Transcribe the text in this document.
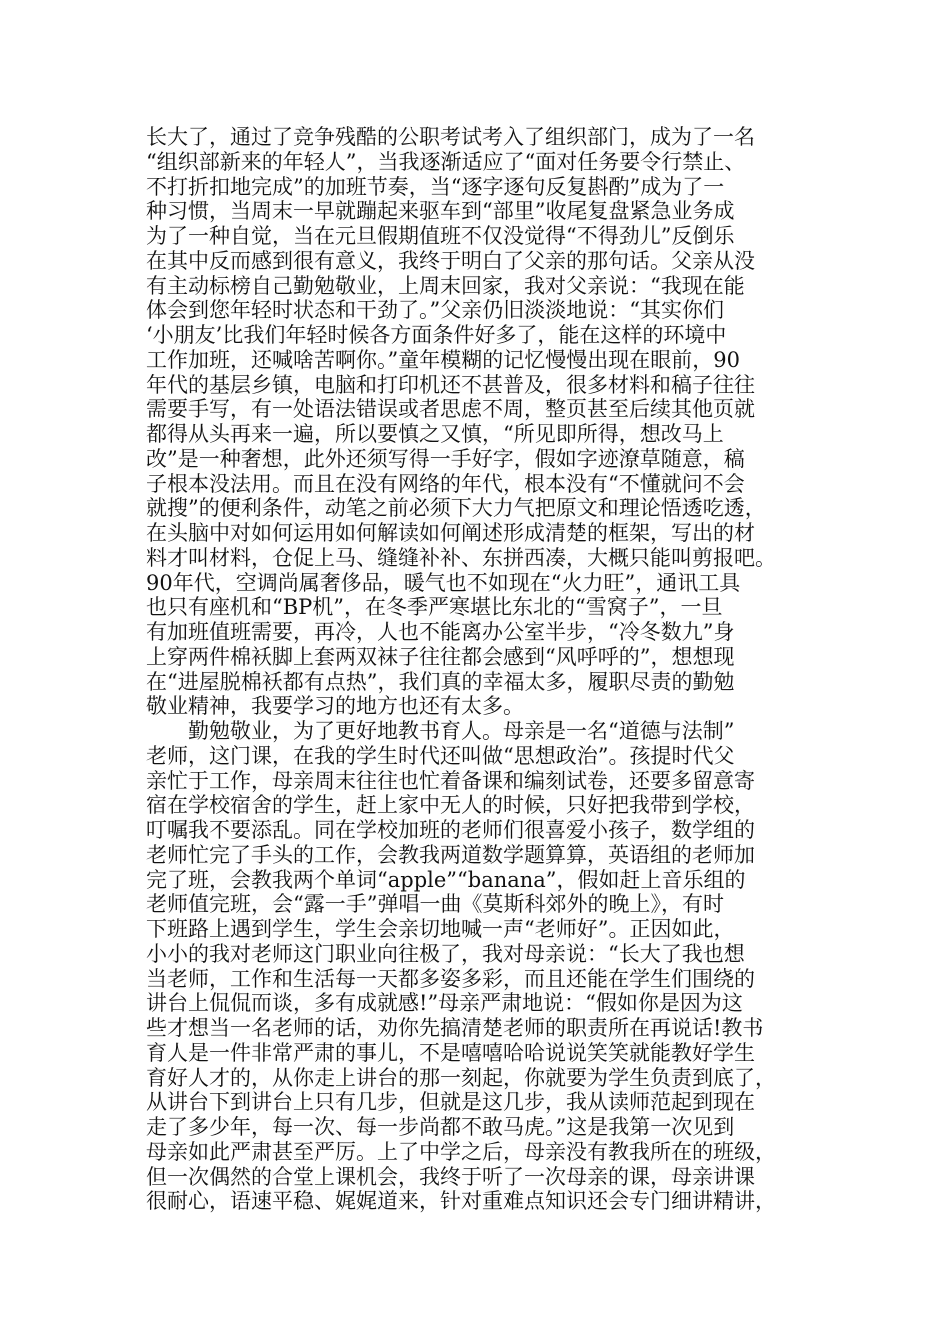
长大了，通过了竞争残酷的公职考试考入了组织部门，成为了一名
“组织部新来的年轻人”，当我逐渐适应了“面对任务要令行禁止、
不打折扣地完成”的加班节奏，当“逐字逐句反复斟酌”成为了一
种习惯，当周末一早就蹦起来驱车到“部里”收尾复盘紧急业务成
为了一种自觉，当在元旦假期值班不仅没觉得“不得劲儿”反倒乐
在其中反而感到很有意义，我终于明白了父亲的那句话。父亲从没
有主动标榜自己勤勉敬业，上周末回家，我对父亲说：“我现在能
体会到您年轻时状态和干劲了。”父亲仍旧淡淡地说：“其实你们
‘小朋友’比我们年轻时候各方面条件好多了，能在这样的环境中
工作加班，还喊啥苦啊你。”童年模糊的记忆慢慢出现在眼前，90
年代的基层乡镇，电脑和打印机还不甚普及，很多材料和稿子往往
需要手写，有一处语法错误或者思虑不周，整页甚至后续其他页就
都得从头再来一遍，所以要慎之又慎，“所见即所得，想改马上
改”是一种奢想，此外还须写得一手好字，假如字迹潦草随意，稿
子根本没法用。而且在没有网络的年代，根本没有“不懂就问不会
就搜”的便利条件，动笔之前必须下大力气把原文和理论悟透吃透，
在头脑中对如何运用如何解读如何阐述形成清楚的框架，写出的材
料才叫材料，仓促上马、缝缝补补、东拼西凑，大概只能叫剪报吧。
90年代，空调尚属奢侈品，暖气也不如现在“火力旺”，通讯工具
也只有座机和“BP机”，在冬季严寒堪比东北的“雪窝子”，一旦
有加班值班需要，再冷，人也不能离办公室半步，“冷冬数九”身
上穿两件棉袄脚上套两双袜子往往都会感到“风呼呼的”，想想现
在“进屋脱棉袄都有点热”，我们真的幸福太多，履职尽责的勤勉
敬业精神，我要学习的地方也还有太多。
勤勉敬业，为了更好地教书育人。母亲是一名“道德与法制”
老师，这门课，在我的学生时代还叫做“思想政治”。孩提时代父
亲忙于工作，母亲周末往往也忙着备课和编刻试卷，还要多留意寄
宿在学校宿舍的学生，赶上家中无人的时候，只好把我带到学校，
叮嘱我不要添乱。同在学校加班的老师们很喜爱小孩子，数学组的
老师忙完了手头的工作，会教我两道数学题算算，英语组的老师加
完了班，会教我两个单词“apple”“banana”，假如赶上音乐组的
老师值完班，会“露一手”弹唱一曲《莫斯科郊外的晚上》，有时
下班路上遇到学生，学生会亲切地喊一声“老师好”。正因如此，
小小的我对老师这门职业向往极了，我对母亲说：“长大了我也想
当老师，工作和生活每一天都多姿多彩，而且还能在学生们围绕的
讲台上侃侃而谈，多有成就感!”母亲严肃地说：“假如你是因为这
些才想当一名老师的话，劝你先搞清楚老师的职责所在再说话!教书
育人是一件非常严肃的事儿，不是嘻嘻哈哈说说笑笑就能教好学生
育好人才的，从你走上讲台的那一刻起，你就要为学生负责到底了，
从讲台下到讲台上只有几步，但就是这几步，我从读师范起到现在
走了多少年，每一次、每一步尚都不敢马虎。”这是我第一次见到
母亲如此严肃甚至严厉。上了中学之后，母亲没有教我所在的班级，
但一次偶然的合堂上课机会，我终于听了一次母亲的课，母亲讲课
很耐心，语速平稳、娓娓道来，针对重难点知识还会专门细讲精讲，
